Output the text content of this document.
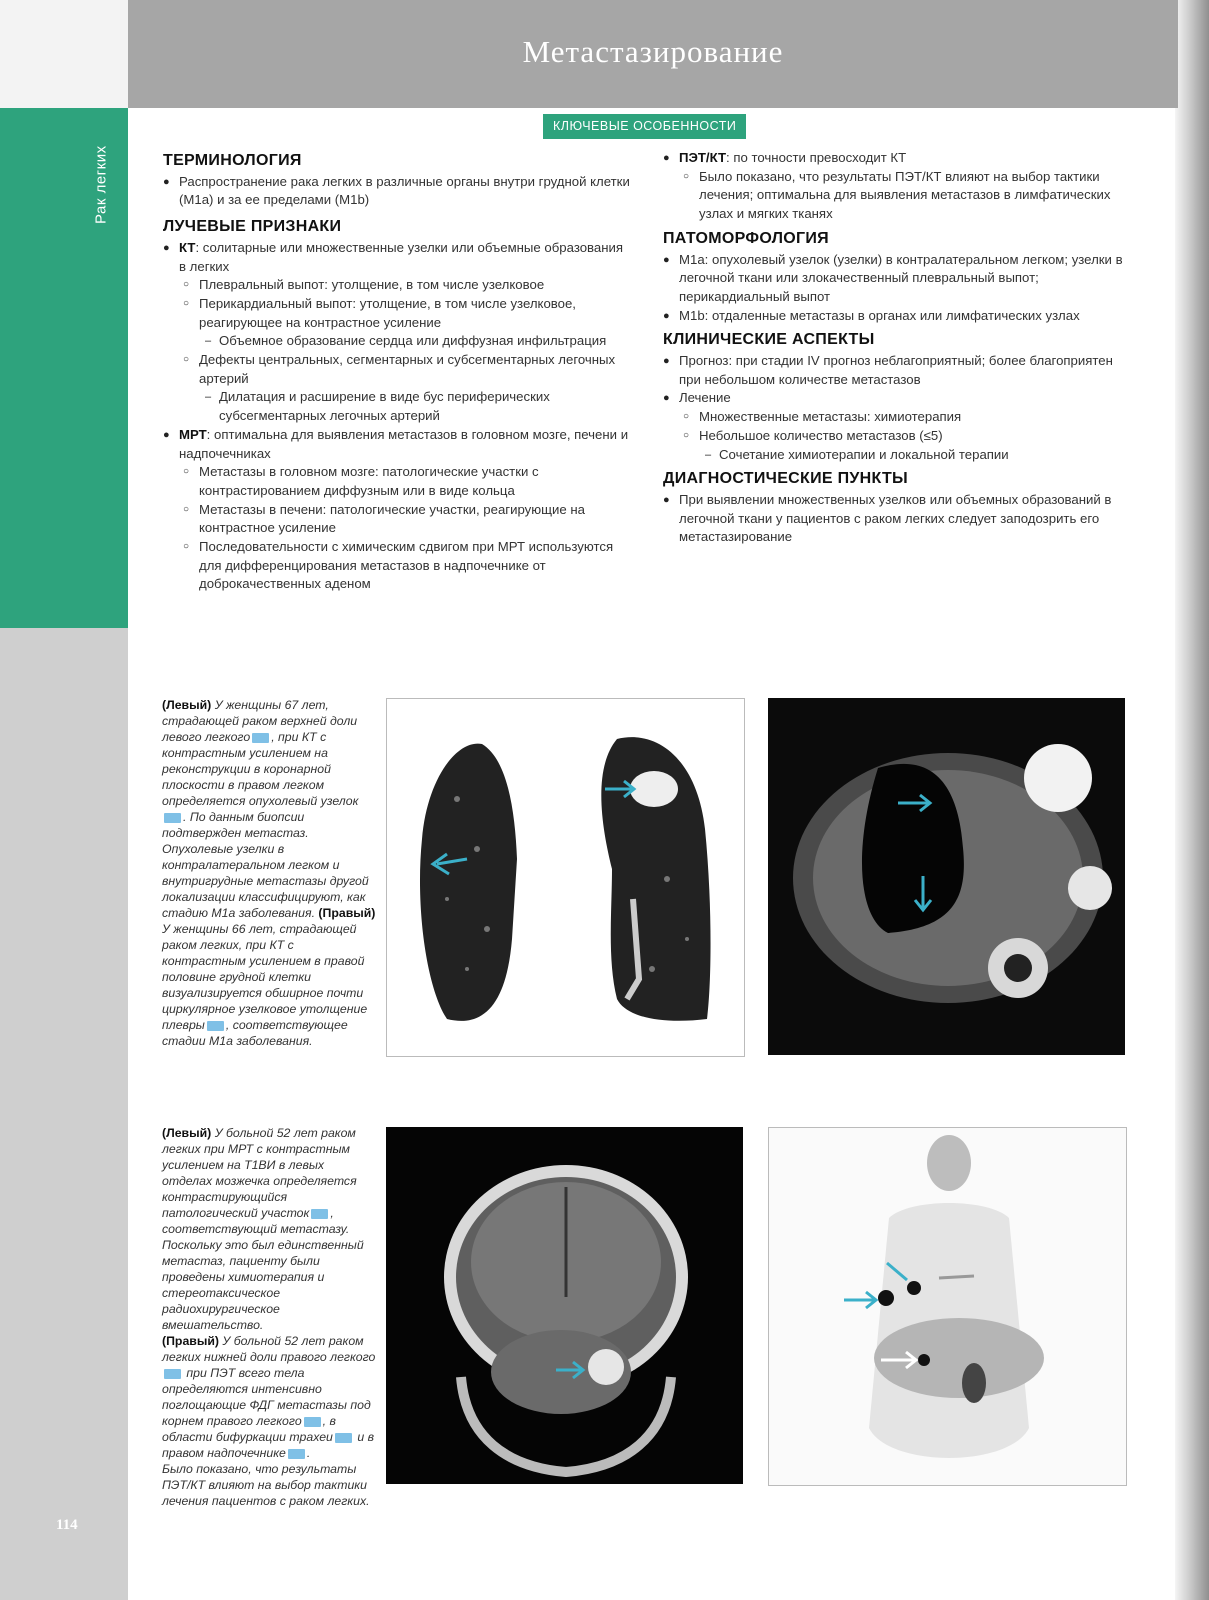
Рак легких
Метастазирование
КЛЮЧЕВЫЕ ОСОБЕННОСТИ
ТЕРМИНОЛОГИЯ
● Распространение рака легких в различные органы внутри грудной клетки (M1a) и за ее пределами (M1b)
ЛУЧЕВЫЕ ПРИЗНАКИ
● КТ: солитарные или множественные узелки или объемные образования в легких
○ Плевральный выпот: утолщение, в том числе узелковое
○ Перикардиальный выпот: утолщение, в том числе узелковое, реагирующее на контрастное усиление
– Объемное образование сердца или диффузная инфильтрация
○ Дефекты центральных, сегментарных и субсегментарных легочных артерий
– Дилатация и расширение в виде бус периферических субсегментарных легочных артерий
● МРТ: оптимальна для выявления метастазов в головном мозге, печени и надпочечниках
○ Метастазы в головном мозге: патологические участки с контрастированием диффузным или в виде кольца
○ Метастазы в печени: патологические участки, реагирующие на контрастное усиление
○ Последовательности с химическим сдвигом при МРТ используются для дифференцирования метастазов в надпочечнике от доброкачественных аденом
● ПЭТ/КТ: по точности превосходит КТ
○ Было показано, что результаты ПЭТ/КТ влияют на выбор тактики лечения; оптимальна для выявления метастазов в лимфатических узлах и мягких тканях
ПАТОМОРФОЛОГИЯ
● M1a: опухолевый узелок (узелки) в контралатеральном легком; узелки в легочной ткани или злокачественный плевральный выпот; перикардиальный выпот
● M1b: отдаленные метастазы в органах или лимфатических узлах
КЛИНИЧЕСКИЕ АСПЕКТЫ
● Прогноз: при стадии IV прогноз неблагоприятный; более благоприятен при небольшом количестве метастазов
● Лечение
○ Множественные метастазы: химиотерапия
○ Небольшое количество метастазов (≤5)
– Сочетание химиотерапии и локальной терапии
ДИАГНОСТИЧЕСКИЕ ПУНКТЫ
● При выявлении множественных узелков или объемных образований в легочной ткани у пациентов с раком легких следует заподозрить его метастазирование
(Левый) У женщины 67 лет, страдающей раком верхней доли левого легкого , при КТ с контрастным усилением на реконструкции в коронарной плоскости в правом легком определяется опухолевый узелок. По данным биопсии подтвержден метастаз. Опухолевые узелки в контралатеральном легком и внутригрудные метастазы другой локализации классифицируют, как стадию M1a заболевания. (Правый) У женщины 66 лет, страдающей раком легких, при КТ с контрастным усилением в правой половине грудной клетки визуализируется обширное почти циркулярное узелковое утолщение плевры , соответствующее стадии M1a заболевания.
(Левый) У больной 52 лет раком легких при МРТ с контрастным усилением на Т1ВИ в левых отделах мозжечка определяется контрастирующийся патологический участок , соответствующий метастазу. Поскольку это был единственный метастаз, пациенту были проведены химиотерапия и стереотаксическое радиохирургическое вмешательство.
(Правый) У больной 52 лет раком легких нижней доли правого легкого при ПЭТ всего тела определяются интенсивно поглощающие ФДГ метастазы под корнем правого легкого , в области бифуркации трахеи и в правом надпочечнике .
Было показано, что результаты ПЭТ/КТ влияют на выбор тактики лечения пациентов с раком легких.
114
